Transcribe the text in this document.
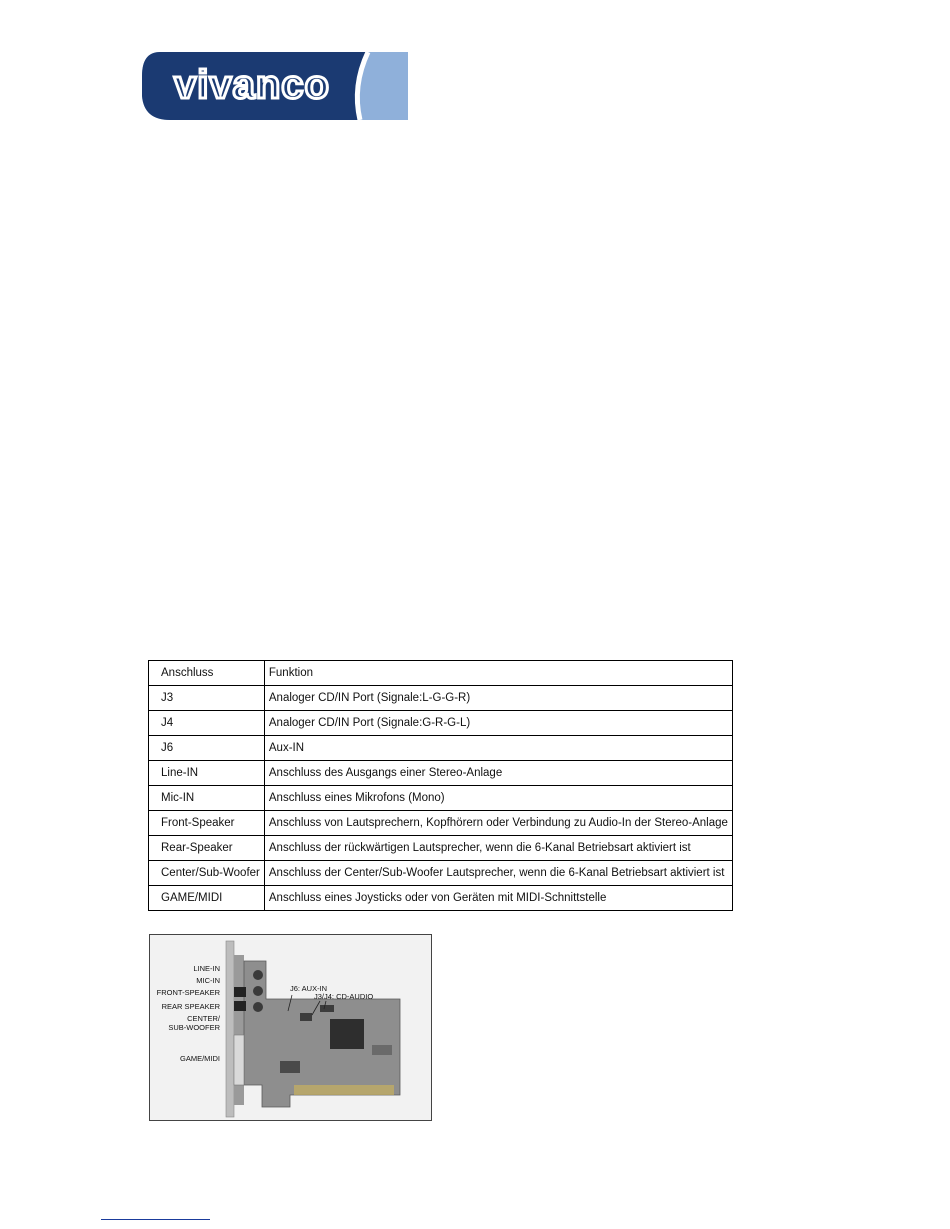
vivanco
Anschluss	Funktion
J3	Analoger CD/IN Port (Signale:L-G-G-R)
J4	Analoger CD/IN Port (Signale:G-R-G-L)
J6	Aux-IN
Line-IN	Anschluss des Ausgangs einer Stereo-Anlage
Mic-IN	Anschluss eines Mikrofons (Mono)
Front-Speaker	Anschluss von Lautsprechern, Kopfhörern oder Verbindung zu Audio-In der Stereo-Anlage
Rear-Speaker	Anschluss der rückwärtigen Lautsprecher, wenn die 6-Kanal Betriebsart aktiviert ist
Center/Sub-Woofer	Anschluss der Center/Sub-Woofer Lautsprecher, wenn die 6-Kanal Betriebsart aktiviert ist
GAME/MIDI	Anschluss eines Joysticks oder von Geräten mit MIDI-Schnittstelle
LINE-IN
MIC-IN
FRONT-SPEAKER
REAR SPEAKER
CENTER/
SUB-WOOFER
GAME/MIDI
J6: AUX-IN
J3/J4: CD-AUDIO
